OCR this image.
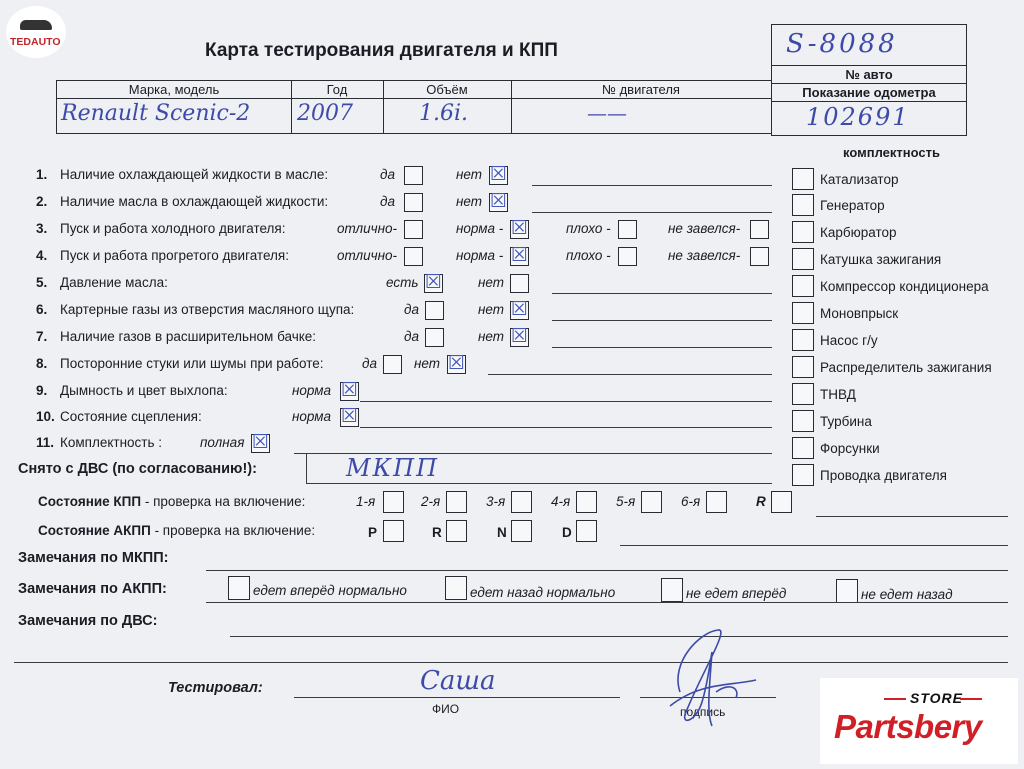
TEDAUTO	Карта тестирования двигателя и КПП	S-8088
№ авто
Показание одометра
102691
Марка, модель	Год	Объём	№ двигателя
Renault Scenic-2 2007	1.6i.	——
1. Наличие охлаждающей жидкости в масле:	да	нет ☒
2. Наличие масла в охлаждающей жидкости:	да	нет ☒
3. Пуск и работа холодного двигателя:	отлично-	норма - ☒	плохо -	не завелся-
4. Пуск и работа прогретого двигателя:	отлично-	норма - ☒	плохо -	не завелся-
5. Давление масла:	есть ☒	нет
6. Картерные газы из отверстия масляного щупа:	да	нет ☒
7. Наличие газов в расширительном бачке:	да	нет ☒
8. Посторонние стуки или шумы при работе:	да	нет ☒
9. Дымность и цвет выхлопа:	норма ☒
10. Состояние сцепления:	норма ☒
11. Комплектность :	полная ☒
комплектность
Катализатор
Генератор
Карбюратор
Катушка зажигания
Компрессор кондиционера
Моновпрыск
Насос г/у
Распределитель зажигания
ТНВД
Турбина
Форсунки
Проводка двигателя
Снято с ДВС (по согласованию!):	МКПП
Состояние КПП - проверка на включение:	1-я	2-я	3-я	4-я	5-я	6-я	R
Состояние АКПП - проверка на включение:	P	R	N	D
Замечания по МКПП:
Замечания по АКПП:	едет вперёд нормально	едет назад нормально	не едет вперёд	не едет назад
Замечания по ДВС:
Тестировал:	Саша
ФИО	подпись
STORE
Partsbery
